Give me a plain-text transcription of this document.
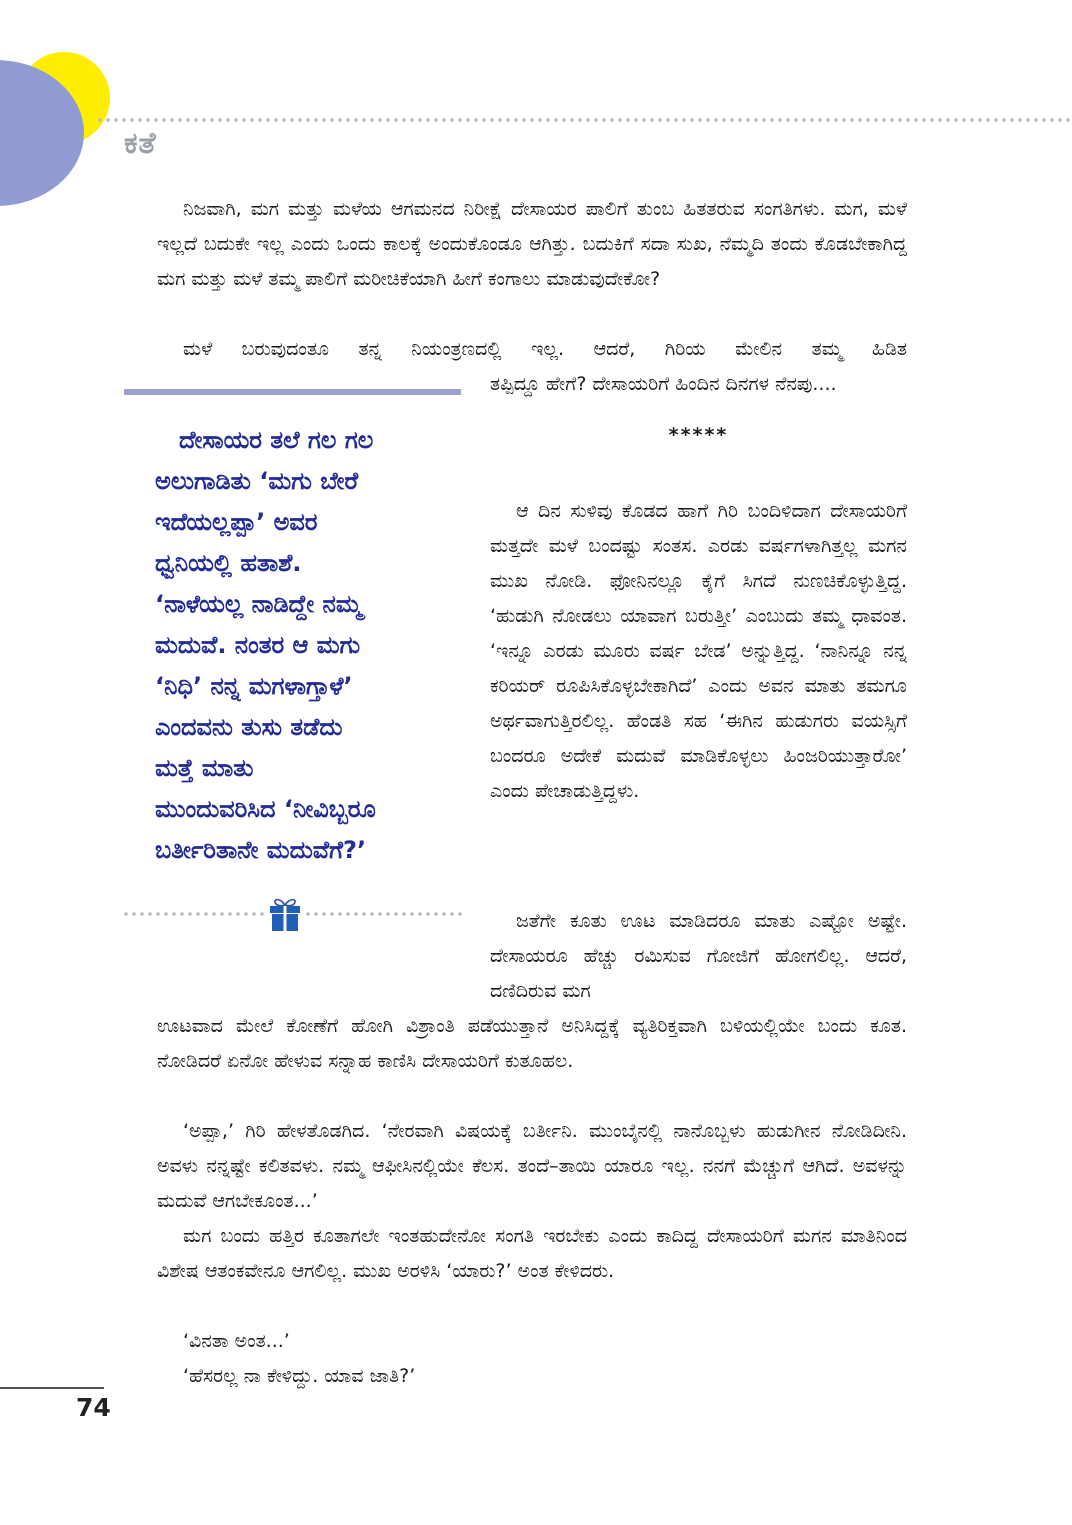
ಕತೆ

ನಿಜವಾಗಿ, ಮಗ ಮತ್ತು ಮಳೆಯ ಆಗಮನದ ನಿರೀಕ್ಷೆ ದೇಸಾಯರ ಪಾಲಿಗೆ ತುಂಬ ಹಿತತರುವ ಸಂಗತಿಗಳು. ಮಗ, ಮಳೆ ಇಲ್ಲದೆ ಬದುಕೇ ಇಲ್ಲ ಎಂದು ಒಂದು ಕಾಲಕ್ಕೆ ಅಂದುಕೊಂಡೂ ಆಗಿತ್ತು. ಬದುಕಿಗೆ ಸದಾ ಸುಖ, ನೆಮ್ಮದಿ ತಂದು ಕೊಡಬೇಕಾಗಿದ್ದ ಮಗ ಮತ್ತು ಮಳೆ ತಮ್ಮ ಪಾಲಿಗೆ ಮರೀಚಿಕೆಯಾಗಿ ಹೀಗೆ ಕಂಗಾಲು ಮಾಡುವುದೇಕೋ?

ಮಳೆ ಬರುವುದಂತೂ ತನ್ನ ನಿಯಂತ್ರಣದಲ್ಲಿ ಇಲ್ಲ. ಆದರೆ, ಗಿರಿಯ ಮೇಲಿನ ತಮ್ಮ ಹಿಡಿತ

ತಪ್ಪಿದ್ದೂ ಹೇಗೆ? ದೇಸಾಯರಿಗೆ ಹಿಂದಿನ ದಿನಗಳ ನೆನಪು....

*****
ದೇಸಾಯರ ತಲೆ ಗಲ ಗಲ
ಅಲುಗಾಡಿತು ‘ಮಗು ಬೇರೆ
ಇದೆಯಲ್ಲಪ್ಪಾ’ ಅವರ
ಧ್ವನಿಯಲ್ಲಿ ಹತಾಶೆ.
‘ನಾಳೆಯಲ್ಲ ನಾಡಿದ್ದೇ ನಮ್ಮ
ಮದುವೆ. ನಂತರ ಆ ಮಗು
‘ನಿಧಿ’ ನನ್ನ ಮಗಳಾಗ್ತಾಳೆ’
ಎಂದವನು ತುಸು ತಡೆದು
ಮತ್ತೆ ಮಾತು
ಮುಂದುವರಿಸಿದ ‘ನೀವಿಬ್ಬರೂ
ಬರ್ತೀರಿತಾನೇ ಮದುವೆಗೆ?’

ಆ ದಿನ ಸುಳಿವು ಕೊಡದ ಹಾಗೆ ಗಿರಿ ಬಂದಿಳಿದಾಗ ದೇಸಾಯರಿಗೆ ಮತ್ತದೇ ಮಳೆ ಬಂದಷ್ಟು ಸಂತಸ. ಎರಡು ವರ್ಷಗಳಾಗಿತ್ತಲ್ಲ ಮಗನ ಮುಖ ನೋಡಿ. ಫೋನಿನಲ್ಲೂ ಕೈಗೆ ಸಿಗದೆ ನುಣಚಿಕೊಳ್ಳುತ್ತಿದ್ದ. ‘ಹುಡುಗಿ ನೋಡಲು ಯಾವಾಗ ಬರುತ್ತೀ’ ಎಂಬುದು ತಮ್ಮ ಧಾವಂತ. ‘ಇನ್ನೂ ಎರಡು ಮೂರು ವರ್ಷ ಬೇಡ’ ಅನ್ನುತ್ತಿದ್ದ. ‘ನಾನಿನ್ನೂ ನನ್ನ ಕರಿಯರ್ ರೂಪಿಸಿಕೊಳ್ಳಬೇಕಾಗಿದೆ’ ಎಂದು ಅವನ ಮಾತು ತಮಗೂ ಅರ್ಥವಾಗುತ್ತಿರಲಿಲ್ಲ. ಹೆಂಡತಿ ಸಹ ‘ಈಗಿನ ಹುಡುಗರು ವಯಸ್ಸಿಗೆ ಬಂದರೂ ಅದೇಕೆ ಮದುವೆ ಮಾಡಿಕೊಳ್ಳಲು ಹಿಂಜರಿಯುತ್ತಾರೋ’ ಎಂದು ಪೇಚಾಡುತ್ತಿದ್ದಳು.

ಜತೆಗೇ ಕೂತು ಊಟ ಮಾಡಿದರೂ ಮಾತು ಎಷ್ಟೋ ಅಷ್ಟೇ. ದೇಸಾಯರೂ ಹೆಚ್ಚು ರಮಿಸುವ ಗೋಜಿಗೆ ಹೋಗಲಿಲ್ಲ. ಆದರೆ, ದಣಿದಿರುವ ಮಗ

ಊಟವಾದ ಮೇಲೆ ಕೋಣೆಗೆ ಹೋಗಿ ವಿಶ್ರಾಂತಿ ಪಡೆಯುತ್ತಾನೆ ಅನಿಸಿದ್ದಕ್ಕೆ ವ್ಯತಿರಿಕ್ತವಾಗಿ ಬಳಿಯಲ್ಲಿಯೇ ಬಂದು ಕೂತ. ನೋಡಿದರೆ ಏನೋ ಹೇಳುವ ಸನ್ನಾಹ ಕಾಣಿಸಿ ದೇಸಾಯರಿಗೆ ಕುತೂಹಲ.

‘ಅಪ್ಪಾ,’ ಗಿರಿ ಹೇಳತೊಡಗಿದ. ‘ನೇರವಾಗಿ ವಿಷಯಕ್ಕೆ ಬರ್ತೀನಿ. ಮುಂಬೈನಲ್ಲಿ ನಾನೊಬ್ಬಳು ಹುಡುಗೀನ ನೋಡಿದೀನಿ. ಅವಳು ನನ್ನಷ್ಟೇ ಕಲಿತವಳು. ನಮ್ಮ ಆಫೀಸಿನಲ್ಲಿಯೇ ಕೆಲಸ. ತಂದೆ–ತಾಯಿ ಯಾರೂ ಇಲ್ಲ. ನನಗೆ ಮೆಚ್ಚುಗೆ ಆಗಿದೆ. ಅವಳನ್ನು ಮದುವೆ ಆಗಬೇಕೂಂತ...’

ಮಗ ಬಂದು ಹತ್ತಿರ ಕೂತಾಗಲೇ ಇಂತಹುದೇನೋ ಸಂಗತಿ ಇರಬೇಕು ಎಂದು ಕಾದಿದ್ದ ದೇಸಾಯರಿಗೆ ಮಗನ ಮಾತಿನಿಂದ ವಿಶೇಷ ಆತಂಕವೇನೂ ಆಗಲಿಲ್ಲ. ಮುಖ ಅರಳಿಸಿ ‘ಯಾರು?’ ಅಂತ ಕೇಳಿದರು.

‘ವಿನತಾ ಅಂತ...’

‘ಹೆಸರಲ್ಲ ನಾ ಕೇಳಿದ್ದು. ಯಾವ ಜಾತಿ?’

74
